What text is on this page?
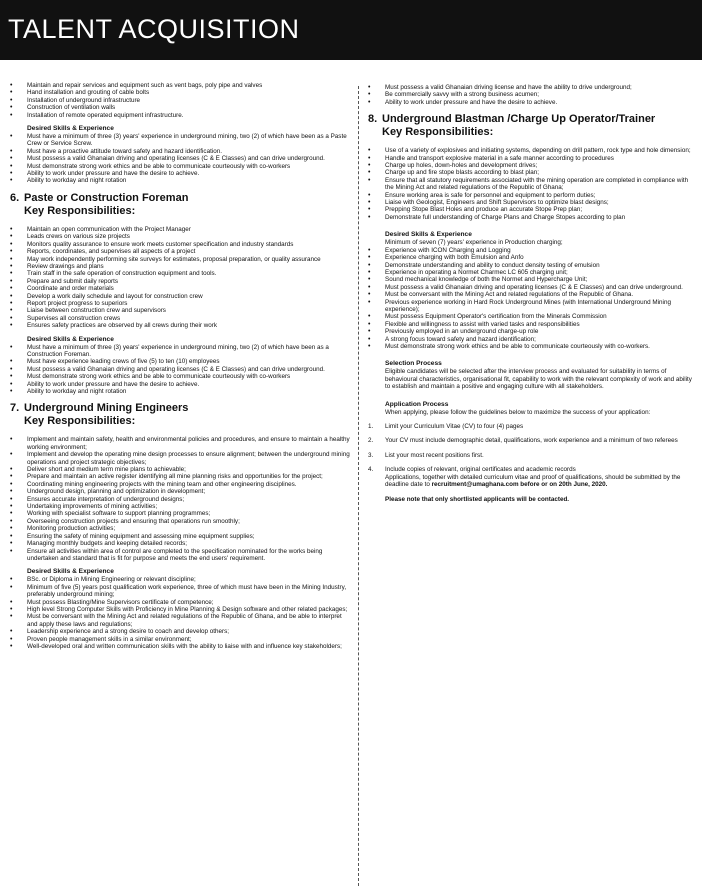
TALENT ACQUISITION
• Maintain and repair services and equipment such as vent bags, poly pipe and valves
• Hand installation and grouting of cable bolts
• Installation of underground infrastructure
• Construction of ventilation walls
• Installation of remote operated equipment infrastructure.
Desired Skills & Experience
• Must have a minimum of three (3) years' experience in underground mining, two (2) of which have been as a Paste Crew or Service Screw.
• Must have a proactive attitude toward safety and hazard identification.
• Must possess a valid Ghanaian driving and operating licenses (C & E Classes) and can drive underground.
• Must demonstrate strong work ethics and be able to communicate courteously with co-workers
• Ability to work under pressure and have the desire to achieve.
• Ability to workday and night rotation
6. Paste or Construction Foreman
Key Responsibilities:
• Maintain an open communication with the Project Manager
• Leads crews on various size projects
• Monitors quality assurance to ensure work meets customer specification and industry standards
• Reports, coordinates, and supervises all aspects of a project
• May work independently performing site surveys for estimates, proposal preparation, or quality assurance
• Review drawings and plans
• Train staff in the safe operation of construction equipment and tools.
• Prepare and submit daily reports
• Coordinate and order materials
• Develop a work daily schedule and layout for construction crew
• Report project progress to superiors
• Liaise between construction crew and supervisors
• Supervises all construction crews
• Ensures safety practices are observed by all crews during their work
Desired Skills & Experience
• Must have a minimum of three (3) years' experience in underground mining, two (2) of which have been as a Construction Foreman.
• Must have experience leading crews of five (5) to ten (10) employees
• Must possess a valid Ghanaian driving and operating licenses (C & E Classes) and can drive underground.
• Must demonstrate strong work ethics and be able to communicate courteously with co-workers
• Ability to work under pressure and have the desire to achieve.
• Ability to workday and night rotation
7. Underground Mining Engineers
Key Responsibilities:
• Implement and maintain safety, health and environmental policies and procedures, and ensure to maintain a healthy working environment;
• Implement and develop the operating mine design processes to ensure alignment; between the underground mining operations and project strategic objectives;
• Deliver short and medium term mine plans to achievable;
• Prepare and maintain an active register identifying all mine planning risks and opportunities for the project;
• Coordinating mining engineering projects with the mining team and other engineering disciplines.
• Underground design, planning and optimization in development;
• Ensures accurate interpretation of underground designs;
• Undertaking improvements of mining activities;
• Working with specialist software to support planning programmes;
• Overseeing construction projects and ensuring that operations run smoothly;
• Monitoring production activities;
• Ensuring the safety of mining equipment and assessing mine equipment supplies;
• Managing monthly budgets and keeping detailed records;
• Ensure all activities within area of control are completed to the specification nominated for the works being undertaken and standard that is fit for purpose and meets the end users' requirement.
Desired Skills & Experience
• BSc. or Diploma in Mining Engineering or relevant discipline;
• Minimum of five (5) years post qualification work experience, three of which must have been in the Mining Industry, preferably underground mining;
• Must possess Blasting/Mine Supervisors certificate of competence;
• High level Strong Computer Skills with Proficiency in Mine Planning & Design software and other related packages;
• Must be conversant with the Mining Act and related regulations of the Republic of Ghana, and be able to interpret and apply these laws and regulations;
• Leadership experience and a strong desire to coach and develop others;
• Proven people management skills in a similar environment;
• Well-developed oral and written communication skills with the ability to liaise with and influence key stakeholders;
• Must possess a valid Ghanaian driving license and have the ability to drive underground;
• Be commercially savvy with a strong business acumen;
• Ability to work under pressure and have the desire to achieve.
8. Underground Blastman /Charge Up Operator/Trainer
Key Responsibilities:
• Use of a variety of explosives and initiating systems, depending on drill pattern, rock type and hole dimension;
• Handle and transport explosive material in a safe manner according to procedures
• Charge up holes, down-holes and development drives;
• Charge up and fire stope blasts according to blast plan;
• Ensure that all statutory requirements associated with the mining operation are completed in compliance with the Mining Act and related regulations of the Republic of Ghana;
• Ensure working area is safe for personnel and equipment to perform duties;
• Liaise with Geologist, Engineers and Shift Supervisors to optimize blast designs;
• Prepping Stope Blast Holes and produce an accurate Stope Prep plan;
• Demonstrate full understanding of Charge Plans and Charge Stopes according to plan
Desired Skills & Experience
Minimum of seven (7) years' experience in Production charging;
• Experience with ICON Charging and Logging
• Experience charging with both Emulsion and Anfo
• Demonstrate understanding and ability to conduct density testing of emulsion
• Experience in operating a Normet Charmec LC 605 charging unit;
• Sound mechanical knowledge of both the Normet and Hypercharge Unit;
• Must possess a valid Ghanaian driving and operating licenses (C & E Classes) and can drive underground.
• Must be conversant with the Mining Act and related regulations of the Republic of Ghana.
• Previous experience working in Hard Rock Underground Mines (with International Underground Mining experience);
• Must possess Equipment Operator's certification from the Minerals Commission
• Flexible and willingness to assist with varied tasks and responsibilities
• Previously employed in an underground charge-up role
• A strong focus toward safety and hazard identification;
• Must demonstrate strong work ethics and be able to communicate courteously with co-workers.
Selection Process
Eligible candidates will be selected after the interview process and evaluated for suitability in terms of behavioural characteristics, organisational fit, capability to work with the relevant complexity of work and ability to establish and maintain a positive and engaging culture with all stakeholders.
Application Process
When applying, please follow the guidelines below to maximize the success of your application:
1. Limit your Curriculum Vitae (CV) to four (4) pages
2. Your CV must include demographic detail, qualifications, work experience and a minimum of two referees
3. List your most recent positions first.
4. Include copies of relevant, original certificates and academic records
Applications, together with detailed curriculum vitae and proof of qualifications, should be submitted by the deadline date to recruitment@umaghana.com before or on 20th June, 2020.
Please note that only shortlisted applicants will be contacted.
